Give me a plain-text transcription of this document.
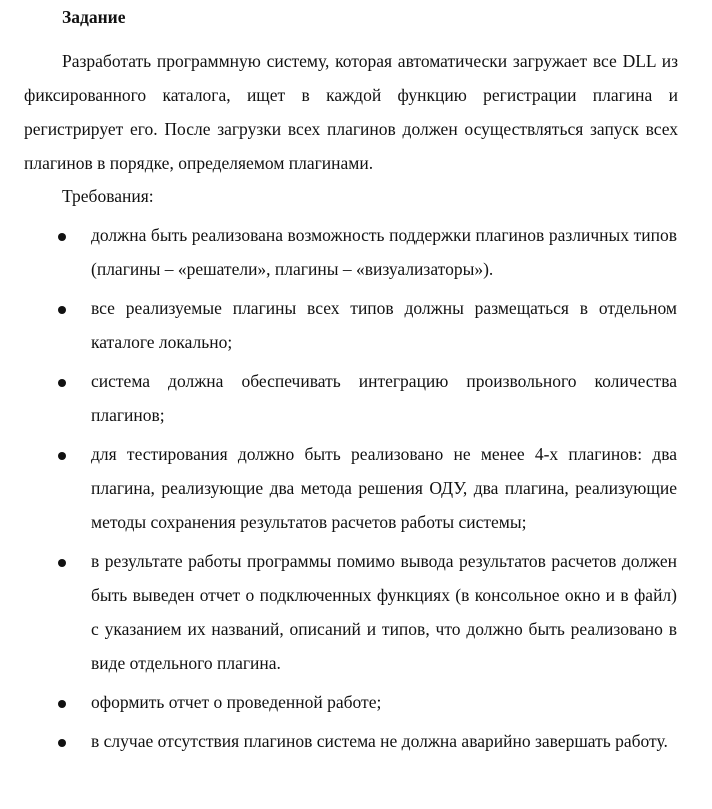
Задание

Разработать программную систему, которая автоматически загружает все DLL из фиксированного каталога, ищет в каждой функцию регистрации плагина и регистрирует его. После загрузки всех плагинов должен осуществляться запуск всех плагинов в порядке, определяемом плагинами.

Требования:

должна быть реализована возможность поддержки плагинов различных типов (плагины – «решатели», плагины – «визуализаторы»).
все реализуемые плагины всех типов должны размещаться в отдельном каталоге локально;
система должна обеспечивать интеграцию произвольного количества плагинов;
для тестирования должно быть реализовано не менее 4-х плагинов: два плагина, реализующие два метода решения ОДУ, два плагина, реализующие методы сохранения результатов расчетов работы системы;
в результате работы программы помимо вывода результатов расчетов должен быть выведен отчет о подключенных функциях (в консольное окно и в файл) с указанием их названий, описаний и типов, что должно быть реализовано в виде отдельного плагина.
оформить отчет о проведенной работе;
в случае отсутствия плагинов система не должна аварийно завершать работу.
